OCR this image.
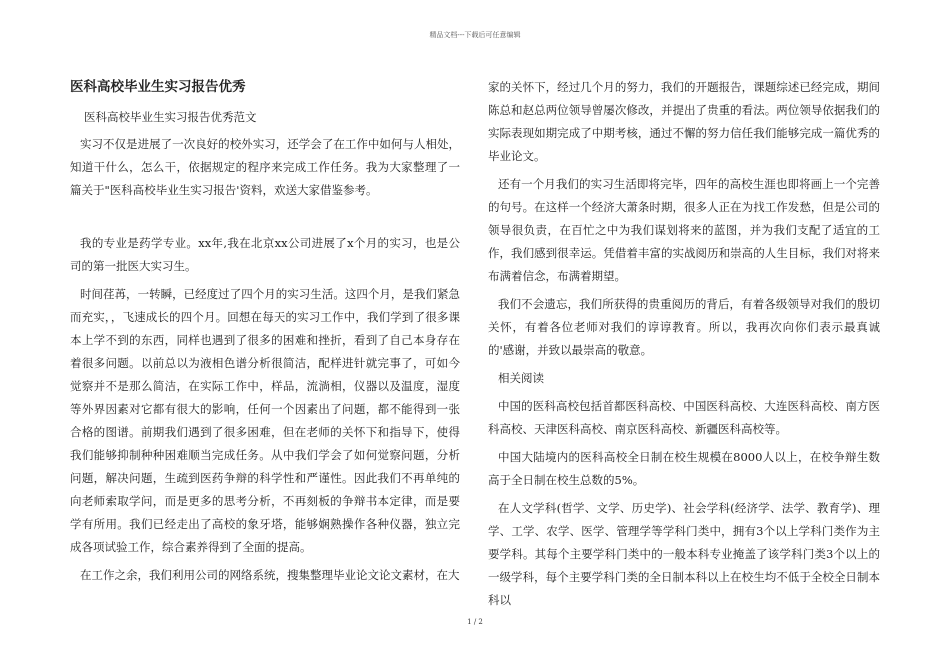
精品文档---下载后可任意编辑
医科高校毕业生实习报告优秀
医科高校毕业生实习报告优秀范文

实习不仅是进展了一次良好的校外实习，还学会了在工作中如何与人相处，知道干什么，怎么干，依据规定的程序来完成工作任务。我为大家整理了一篇关于"医科高校毕业生实习报告'资料，欢送大家借鉴参考。

我的专业是药学专业。xx年,我在北京xx公司进展了x个月的实习，也是公司的第一批医大实习生。

时间荏苒，一转瞬，已经度过了四个月的实习生活。这四个月，是我们紧急而充实，，飞速成长的四个月。回想在每天的实习工作中，我们学到了很多课本上学不到的东西，同样也遇到了很多的困难和挫折，看到了自己本身存在着很多问题。以前总以为液相色谱分析很简洁，配样进针就完事了，可如今觉察并不是那么简洁，在实际工作中，样品，流淌相，仪器以及温度，湿度等外界因素对它都有很大的影响，任何一个因素出了问题，都不能得到一张合格的图谱。前期我们遇到了很多困难，但在老师的关怀下和指导下，使得我们能够抑制种种困难顺当完成任务。从中我们学会了如何觉察问题，分析问题，解决问题，生疏到医药争辩的科学性和严谨性。因此我们不再单纯的向老师索取学问，而是更多的思考分析，不再刻板的争辩书本定律，而是要学有所用。我们已经走出了高校的象牙塔，能够娴熟操作各种仪器，独立完成各项试验工作，综合素养得到了全面的提高。

在工作之余，我们利用公司的网络系统，搜集整理毕业论文论文素材，在大

家的关怀下，经过几个月的努力，我们的开题报告，课题综述已经完成，期间陈总和赵总两位领导曾屡次修改，并提出了贵重的看法。两位领导依据我们的实际表现如期完成了中期考核，通过不懈的努力信任我们能够完成一篇优秀的毕业论文。

还有一个月我们的实习生活即将完毕，四年的高校生涯也即将画上一个完善的句号。在这样一个经济大萧条时期，很多人正在为找工作发愁，但是公司的领导很负责，在百忙之中为我们谋划将来的蓝图，并为我们支配了适宜的工作，我们感到很幸运。凭借着丰富的实战阅历和崇高的人生目标，我们对将来布满着信念，布满着期望。

我们不会遗忘，我们所获得的贵重阅历的背后，有着各级领导对我们的殷切关怀，有着各位老师对我们的谆谆教育。所以，我再次向你们表示最真诚的'感谢，并致以最崇高的敬意。

相关阅读

中国的医科高校包括首都医科高校、中国医科高校、大连医科高校、南方医科高校、天津医科高校、南京医科高校、新疆医科高校等。

中国大陆境内的医科高校全日制在校生规模在8000人以上，在校争辩生数高于全日制在校生总数的5%。

在人文学科(哲学、文学、历史学)、社会学科(经济学、法学、教育学)、理学、工学、农学、医学、管理学等学科门类中，拥有3个以上学科门类作为主要学科。其每个主要学科门类中的一般本科专业掩盖了该学科门类3个以上的一级学科，每个主要学科门类的全日制本科以上在校生均不低于全校全日制本科以

1 / 2
